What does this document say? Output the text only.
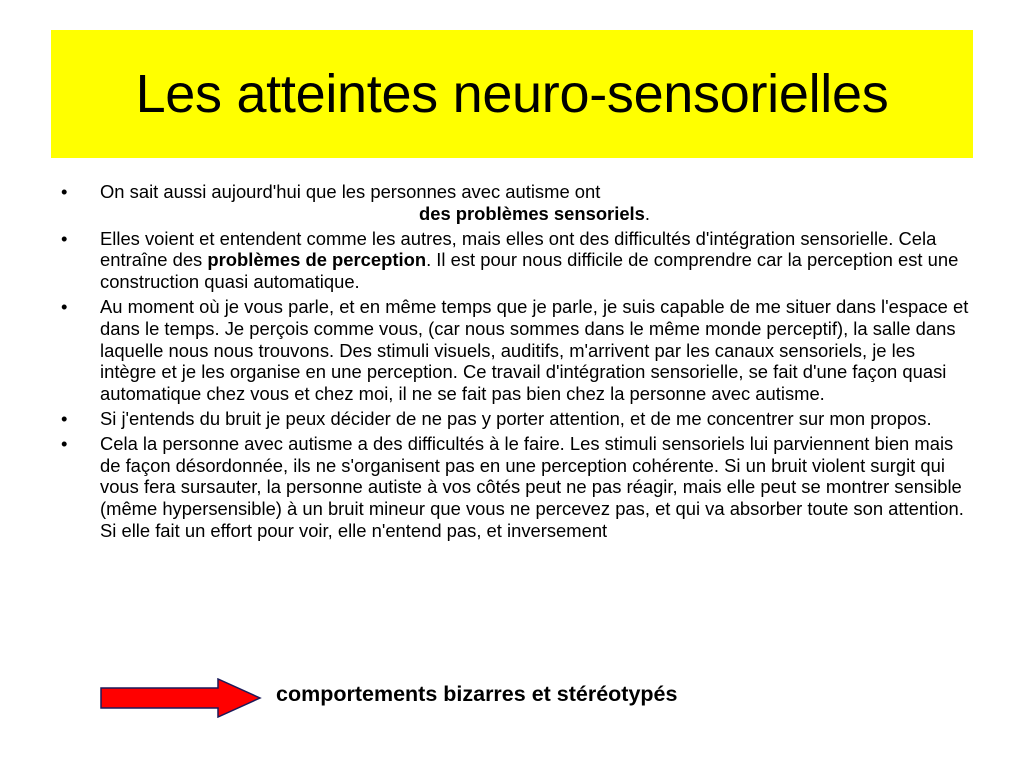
Les atteintes neuro-sensorielles
• On sait aussi aujourd'hui que les personnes avec autisme ont
des problèmes sensoriels.
• Elles voient et entendent comme les autres, mais elles ont des difficultés d'intégration sensorielle. Cela entraîne des problèmes de perception. Il est pour nous difficile de comprendre car la perception est une construction quasi automatique.
• Au moment où je vous parle, et en même temps que je parle, je suis capable de me situer dans l'espace et dans le temps. Je perçois comme vous, (car nous sommes dans le même monde perceptif), la salle dans laquelle nous nous trouvons. Des stimuli visuels, auditifs, m'arrivent par les canaux sensoriels, je les intègre et je les organise en une perception. Ce travail d'intégration sensorielle, se fait d'une façon quasi automatique chez vous et chez moi, il ne se fait pas bien chez la personne avec autisme.
• Si j'entends du bruit je peux décider de ne pas y porter attention, et de me concentrer sur mon propos.
• Cela la personne avec autisme a des difficultés à le faire. Les stimuli sensoriels lui parviennent bien mais de façon désordonnée, ils ne s'organisent pas en une perception cohérente. Si un bruit violent surgit qui vous fera sursauter, la personne autiste à vos côtés peut ne pas réagir, mais elle peut se montrer sensible (même hypersensible) à un bruit mineur que vous ne percevez pas, et qui va absorber toute son attention. Si elle fait un effort pour voir, elle n'entend pas, et inversement
comportements bizarres et stéréotypés
